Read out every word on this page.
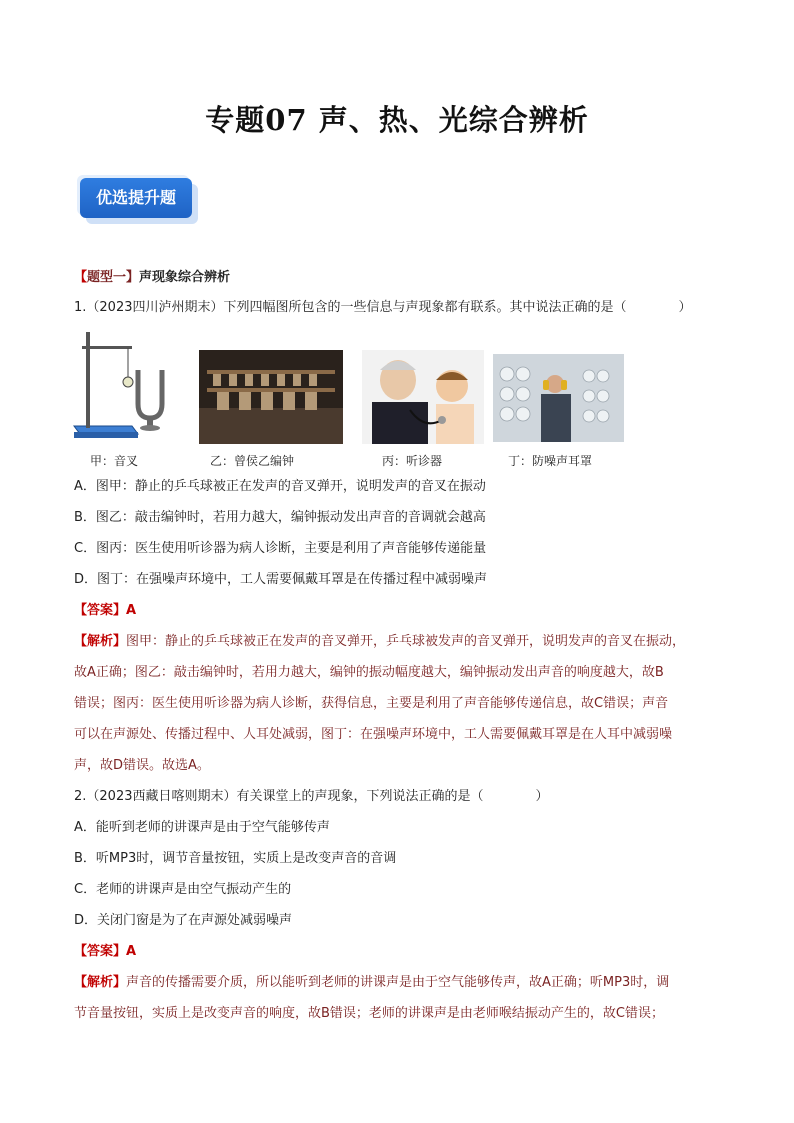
专题07 声、热、光综合辨析
优选提升题
【题型一】声现象综合辨析
1.（2023四川泸州期末）下列四幅图所包含的一些信息与声现象都有联系。其中说法正确的是（　　　　）
甲：音叉	乙：曾侯乙编钟	丙：听诊器	丁：防噪声耳罩
A．图甲：静止的乒乓球被正在发声的音叉弹开，说明发声的音叉在振动
B．图乙：敲击编钟时，若用力越大，编钟振动发出声音的音调就会越高
C．图丙：医生使用听诊器为病人诊断，主要是利用了声音能够传递能量
D．图丁：在强噪声环境中，工人需要佩戴耳罩是在传播过程中减弱噪声
【答案】A
【解析】图甲：静止的乒乓球被正在发声的音叉弹开，乒乓球被发声的音叉弹开，说明发声的音叉在振动，
故A正确；图乙：敲击编钟时，若用力越大，编钟的振动幅度越大，编钟振动发出声音的响度越大，故B
错误；图丙：医生使用听诊器为病人诊断，获得信息，主要是利用了声音能够传递信息，故C错误；声音
可以在声源处、传播过程中、人耳处减弱，图丁：在强噪声环境中，工人需要佩戴耳罩是在人耳中减弱噪
声，故D错误。故选A。
2.（2023西藏日喀则期末）有关课堂上的声现象，下列说法正确的是（　　　　）
A．能听到老师的讲课声是由于空气能够传声
B．听MP3时，调节音量按钮，实质上是改变声音的音调
C．老师的讲课声是由空气振动产生的
D．关闭门窗是为了在声源处减弱噪声
【答案】A
【解析】声音的传播需要介质，所以能听到老师的讲课声是由于空气能够传声，故A正确；听MP3时，调
节音量按钮，实质上是改变声音的响度，故B错误；老师的讲课声是由老师喉结振动产生的，故C错误；
